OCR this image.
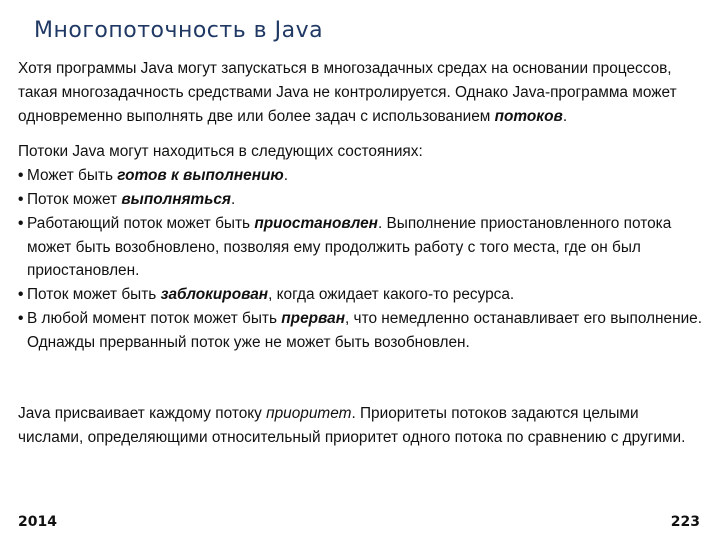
Многопоточность в Java

Хотя программы Java могут запускаться в многозадачных средах на основании процессов, такая многозадачность средствами Java не контролируется. Однако Java-программа может одновременно выполнять две или более задач с использованием потоков.

Потоки Java могут находиться в следующих состояниях:

• Может быть готов к выполнению.
• Поток может выполняться.
• Работающий поток может быть приостановлен. Выполнение приостановленного потока может быть возобновлено, позволяя ему продолжить работу с того места, где он был приостановлен.
• Поток может быть заблокирован, когда ожидает какого-то ресурса.
• В любой момент поток может быть прерван, что немедленно останавливает его выполнение. Однажды прерванный поток уже не может быть возобновлен.

Java присваивает каждому потоку приоритет. Приоритеты потоков задаются целыми числами, определяющими относительный приоритет одного потока по сравнению с другими.

2014	223
